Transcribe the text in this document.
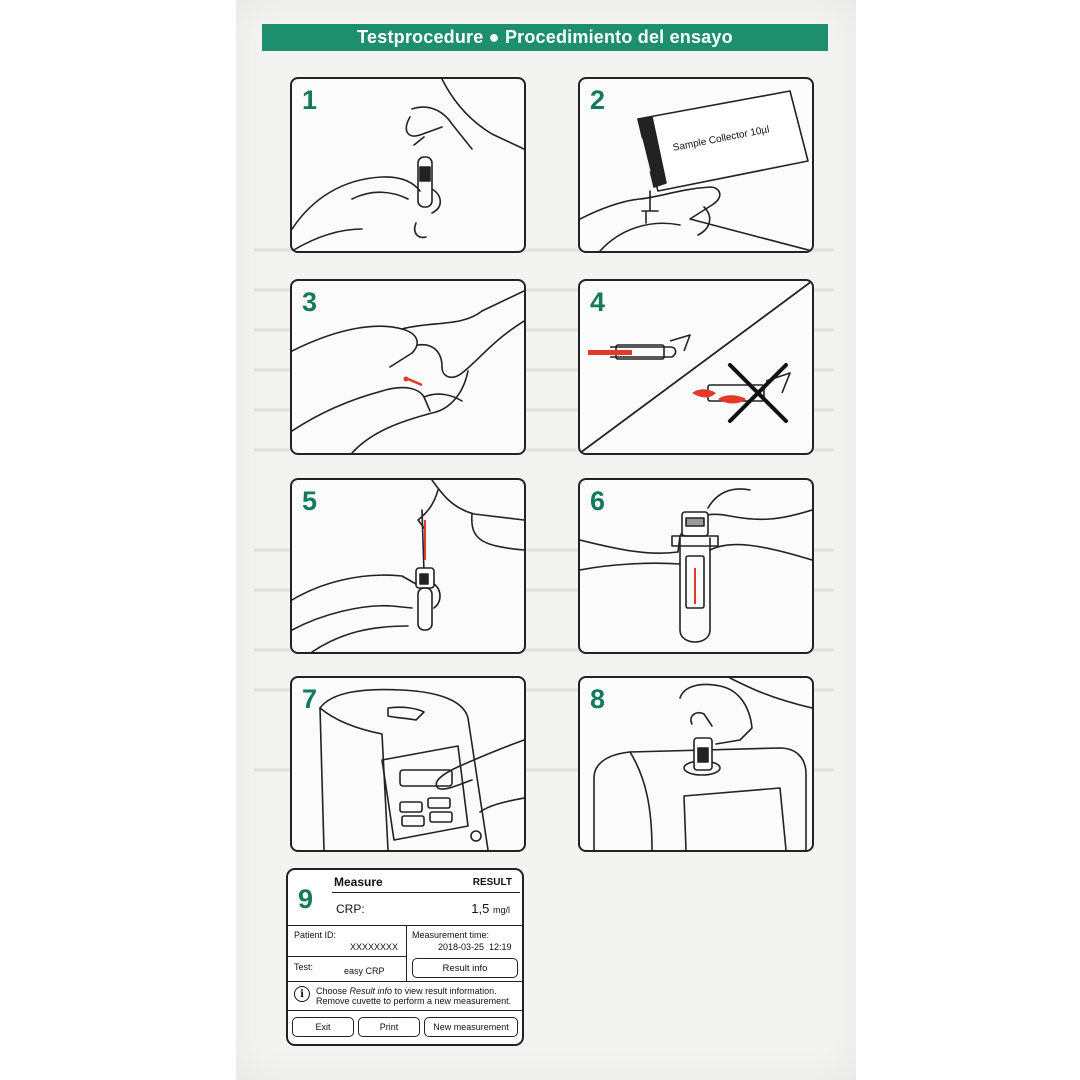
Testprocedure ● Procedimiento del ensayo
1	2
Sample Collector 10µl
3	4
5	6
7	8
9
Measure	RESULT
CRP:	1,5 mg/l
Patient ID:
XXXXXXXX
Measurement time:
2018-03-25  12:19
Test:	easy CRP	Result info
i	Choose Result info to view result information.
Remove cuvette to perform a new measurement.
Exit	Print	New measurement
